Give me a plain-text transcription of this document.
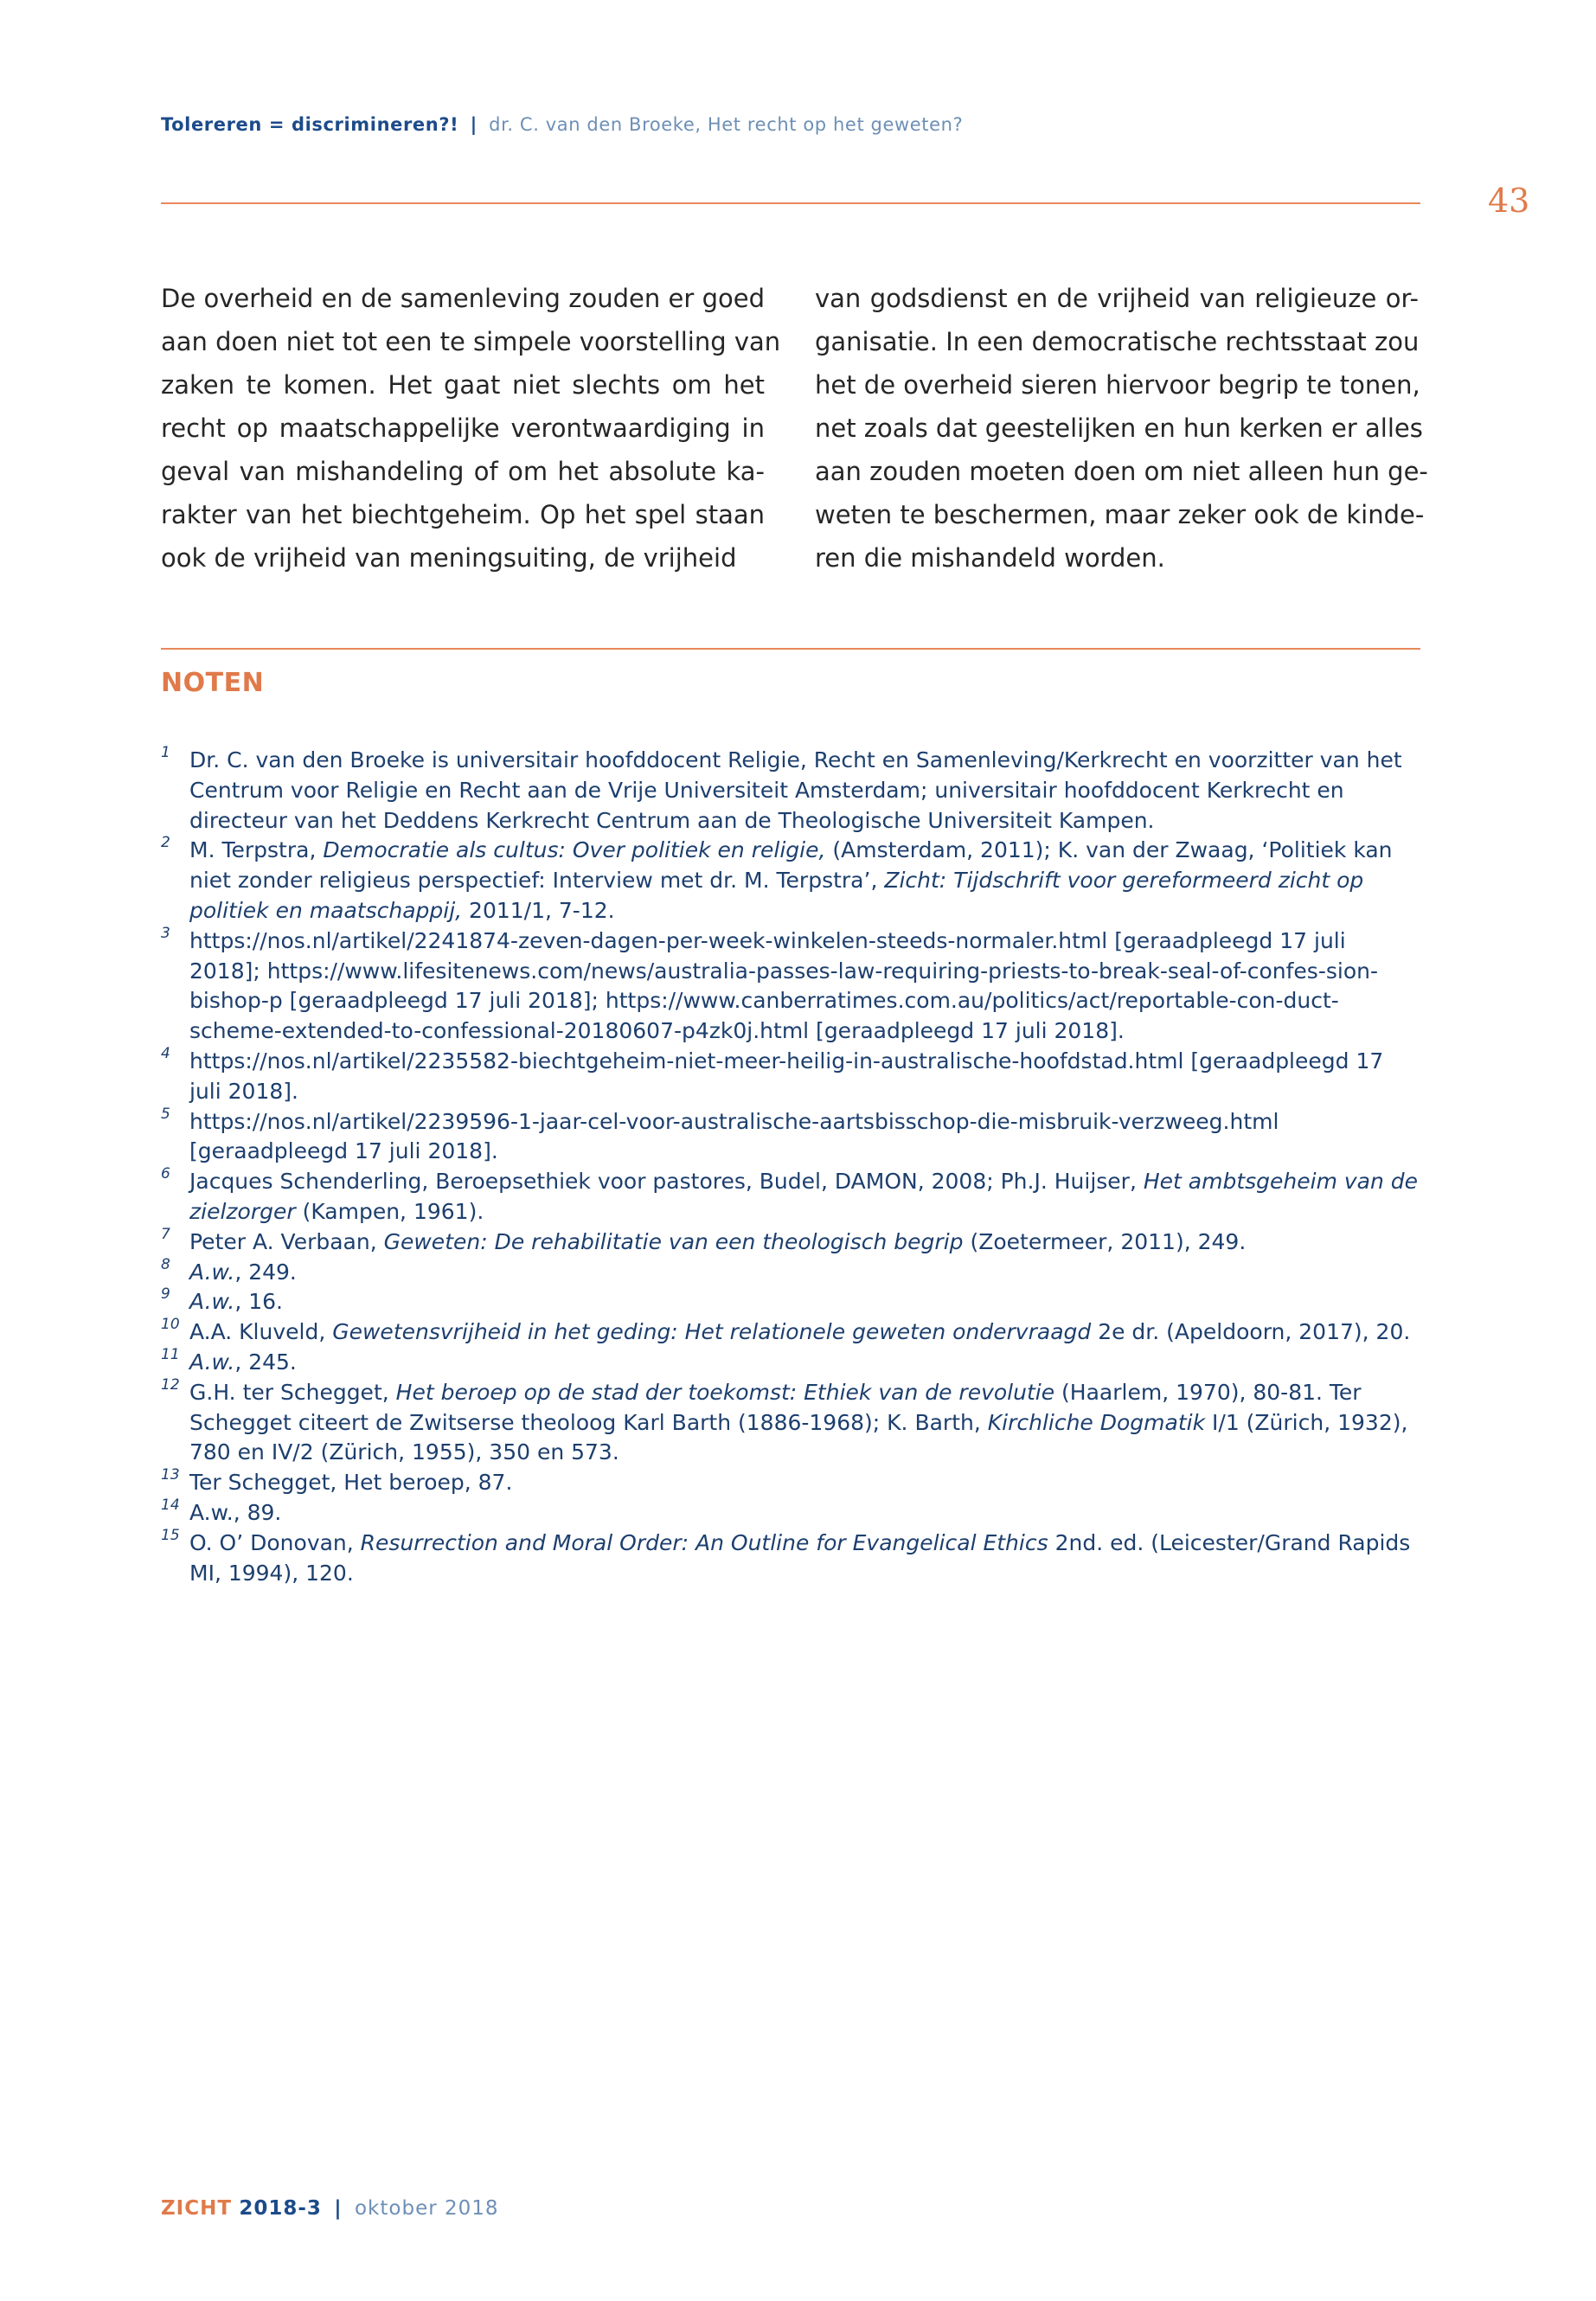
Tolereren = discrimineren?! | dr. C. van den Broeke, Het recht op het geweten?
43
De overheid en de samenleving zouden er goed
aan doen niet tot een te simpele voorstelling van
zaken te komen. Het gaat niet slechts om het
recht op maatschappelijke verontwaardiging in
geval van mishandeling of om het absolute ka-
rakter van het biechtgeheim. Op het spel staan
ook de vrijheid van meningsuiting, de vrijheid
van godsdienst en de vrijheid van religieuze or-
ganisatie. In een democratische rechtsstaat zou
het de overheid sieren hiervoor begrip te tonen,
net zoals dat geestelijken en hun kerken er alles
aan zouden moeten doen om niet alleen hun ge-
weten te beschermen, maar zeker ook de kinde-
ren die mishandeld worden.
NOTEN
1 Dr. C. van den Broeke is universitair hoofddocent Religie, Recht en Samenleving/Kerkrecht en voorzitter van het Centrum voor Religie en Recht aan de Vrije Universiteit Amsterdam; universitair hoofddocent Kerkrecht en directeur van het Deddens Kerkrecht Centrum aan de Theologische Universiteit Kampen.
2 M. Terpstra, Democratie als cultus: Over politiek en religie, (Amsterdam, 2011); K. van der Zwaag, ‘Politiek kan niet zonder religieus perspectief: Interview met dr. M. Terpstra’, Zicht: Tijdschrift voor gereformeerd zicht op politiek en maatschappij, 2011/1, 7-12.
3 https://nos.nl/artikel/2241874-zeven-dagen-per-week-winkelen-steeds-normaler.html [geraadpleegd 17 juli 2018]; https://www.lifesitenews.com/news/australia-passes-law-requiring-priests-to-break-seal-of-confes-sion-bishop-p [geraadpleegd 17 juli 2018]; https://www.canberratimes.com.au/politics/act/reportable-con-duct-scheme-extended-to-confessional-20180607-p4zk0j.html [geraadpleegd 17 juli 2018].
4 https://nos.nl/artikel/2235582-biechtgeheim-niet-meer-heilig-in-australische-hoofdstad.html [geraadpleegd 17 juli 2018].
5 https://nos.nl/artikel/2239596-1-jaar-cel-voor-australische-aartsbisschop-die-misbruik-verzweeg.html [geraadpleegd 17 juli 2018].
6 Jacques Schenderling, Beroepsethiek voor pastores, Budel, DAMON, 2008; Ph.J. Huijser, Het ambtsgeheim van de zielzorger (Kampen, 1961).
7 Peter A. Verbaan, Geweten: De rehabilitatie van een theologisch begrip (Zoetermeer, 2011), 249.
8 A.w., 249.
9 A.w., 16.
10 A.A. Kluveld, Gewetensvrijheid in het geding: Het relationele geweten ondervraagd 2e dr. (Apeldoorn, 2017), 20.
11 A.w., 245.
12 G.H. ter Schegget, Het beroep op de stad der toekomst: Ethiek van de revolutie (Haarlem, 1970), 80-81. Ter Schegget citeert de Zwitserse theoloog Karl Barth (1886-1968); K. Barth, Kirchliche Dogmatik I/1 (Zürich, 1932), 780 en IV/2 (Zürich, 1955), 350 en 573.
13 Ter Schegget, Het beroep, 87.
14 A.w., 89.
15 O. O’ Donovan, Resurrection and Moral Order: An Outline for Evangelical Ethics 2nd. ed. (Leicester/Grand Rapids MI, 1994), 120.
ZICHT 2018-3 | oktober 2018
